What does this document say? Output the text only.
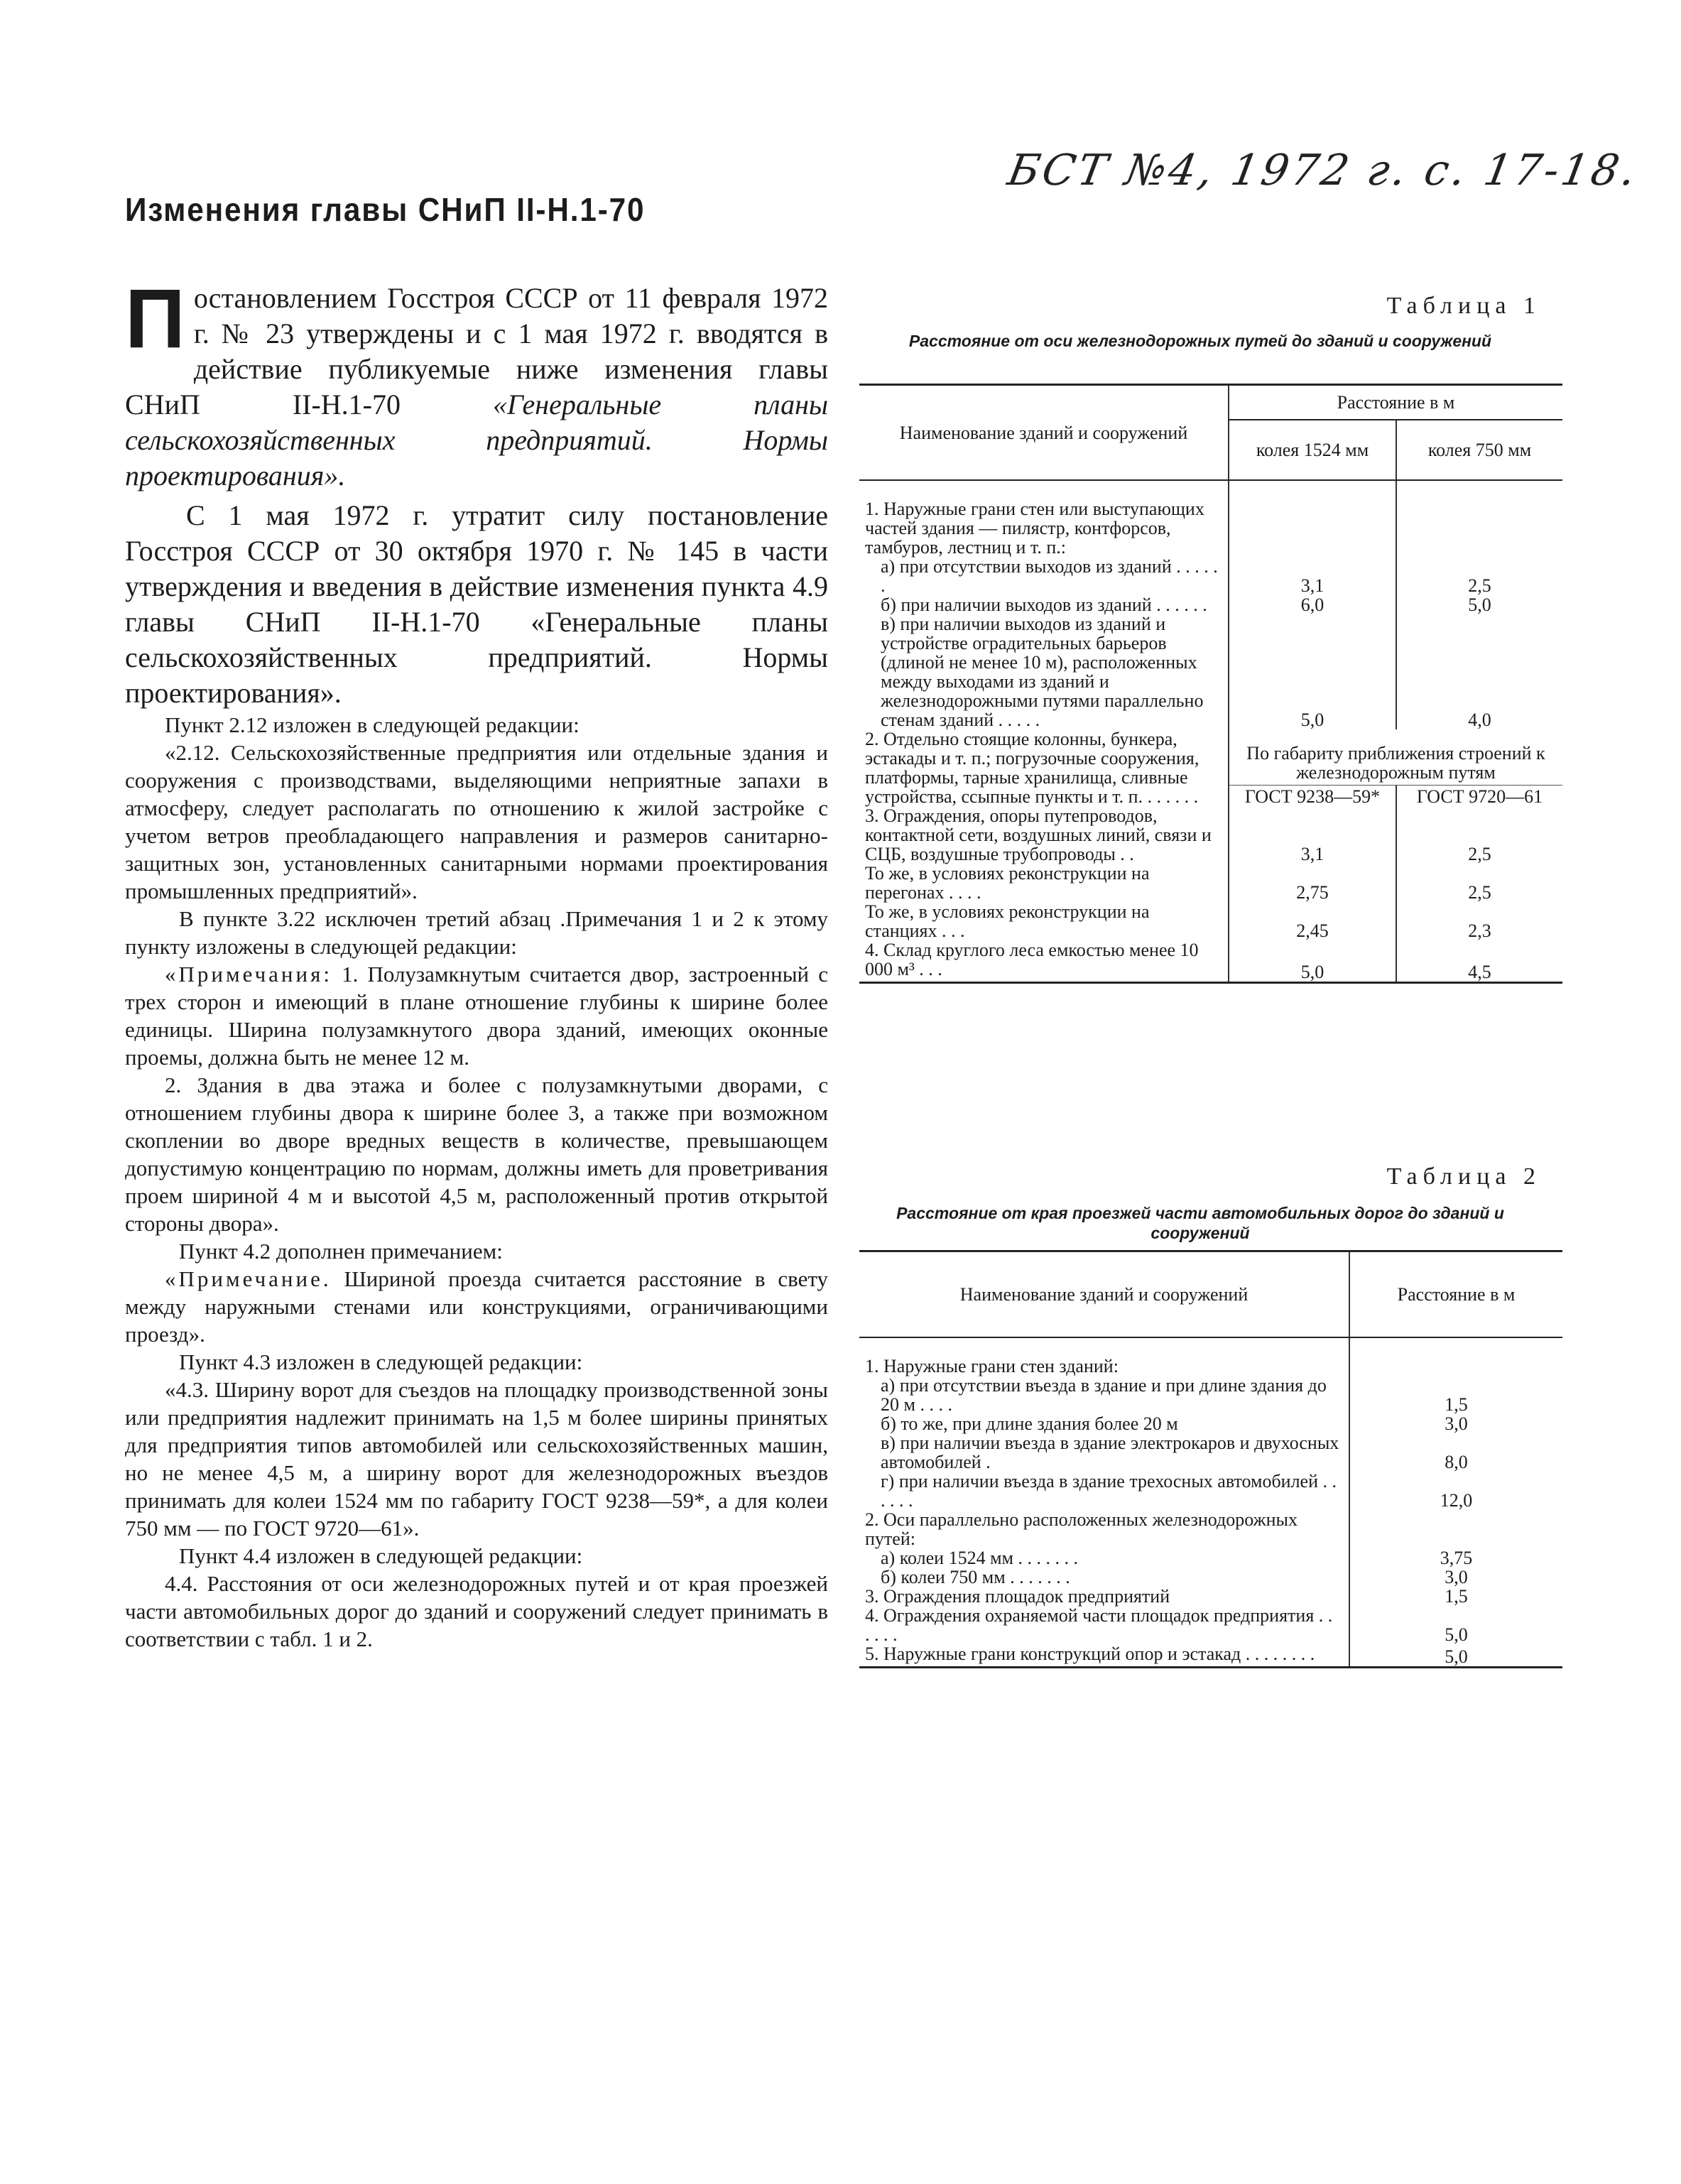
Изменения главы СНиП II-Н.1-70
БСТ №4, 1972 г. с. 17-18.

Постановлением Госстроя СССР от 11 февраля 1972 г. № 23 утверждены и с 1 мая 1972 г. вводятся в действие публикуемые ниже изменения главы СНиП II-Н.1-70	«Генеральные планы сельскохозяйственных предприятий. Нормы проектирования».

С 1 мая 1972 г. утратит силу постановление Госстроя СССР от 30 октября 1970 г. № 145 в части утверждения и введения в действие изменения пункта 4.9 главы СНиП II-Н.1-70 «Генеральные планы сельскохозяйственных предприятий. Нормы проектирования».

Пункт 2.12 изложен в следующей редакции:

«2.12. Сельскохозяйственные предприятия или отдельные здания и сооружения с производствами, выделяющими неприятные запахи в атмосферу, следует располагать по отношению к жилой застройке с учетом ветров преобладающего направления и размеров санитарно-защитных зон, установленных санитарными нормами проектирования промышленных предприятий».

В пункте 3.22 исключен третий абзац .Примечания 1 и 2 к этому пункту изложены в следующей редакции:

«Примечания: 1. Полузамкнутым считается двор, застроенный с трех сторон и имеющий в плане отношение глубины к ширине более единицы. Ширина полузамкнутого двора зданий, имеющих оконные проемы, должна быть не менее 12 м.

2. Здания в два этажа и более с полузамкнутыми дворами, с отношением глубины двора к ширине более 3, а также при возможном скоплении во дворе вредных веществ в количестве, превышающем допустимую концентрацию по нормам, должны иметь для проветривания проем шириной 4 м и высотой 4,5 м, расположенный против открытой стороны двора».

Пункт 4.2 дополнен примечанием:

«Примечание. Шириной проезда считается расстояние в свету между наружными стенами или конструкциями, ограничивающими проезд».

Пункт 4.3 изложен в следующей редакции:

«4.3. Ширину ворот для съездов на площадку производственной зоны или предприятия надлежит принимать на 1,5 м более ширины принятых для предприятия типов автомобилей или сельскохозяйственных машин, но не менее 4,5 м, а ширину ворот для железнодорожных въездов принимать для колеи 1524 мм по габариту ГОСТ 9238—59*, а для колеи 750 мм — по ГОСТ 9720—61».

Пункт 4.4 изложен в следующей редакции:

4.4. Расстояния от оси железнодорожных путей и от края проезжей части автомобильных дорог до зданий и сооружений следует принимать в соответствии с табл. 1 и 2.

Таблица 1
Расстояние от оси железнодорожных путей до зданий и сооружений
Наименование зданий и сооружений	Расстояние в м	
	колея 1524 мм	колея 750 мм
1. Наружные грани стен или выступающих частей здания — пилястр, контфорсов, тамбуров, лестниц и т. п.:		
а) при отсутствии выходов из зданий . . . . . .	3,1	2,5
б) при наличии выходов из зданий . . . . . .	6,0	5,0
в) при наличии выходов из зданий и устройстве оградительных барьеров (длиной не менее 10 м), расположенных между выходами из зданий и железнодорожными путями параллельно стенам зданий . . . . .	5,0	4,0
2. Отдельно стоящие колонны, бункера, эстакады и т. п.; погрузочные сооружения, платформы, тарные хранилища, сливные устройства, ссыпные пункты и т. п. . . . . . .	По габариту приближения строений к железнодорожным путям	
	ГОСТ 9238—59*	ГОСТ 9720—61
3. Ограждения, опоры путепроводов, контактной сети, воздушных линий, связи и СЦБ, воздушные трубопроводы . .	3,1	2,5
То же, в условиях реконструкции на перегонах . . . .	2,75	2,5
То же, в условиях реконструкции на станциях . . .	2,45	2,3
4. Склад круглого леса емкостью менее 10 000 м³ . . .	5,0	4,5
Таблица 2
Расстояние от края проезжей части автомобильных дорог до зданий и сооружений
Наименование зданий и сооружений	Расстояние в м
1. Наружные грани стен зданий:	
а) при отсутствии въезда в здание и при длине здания до 20 м . . . .	1,5
б) то же, при длине здания более 20 м	3,0
в) при наличии въезда в здание электрокаров и двухосных автомобилей .	8,0
г) при наличии въезда в здание трехосных автомобилей . . . . . .	12,0
2. Оси параллельно расположенных железнодорожных путей:	
а) колеи 1524 мм . . . . . . .	3,75
б) колеи 750 мм . . . . . . .	3,0
3. Ограждения площадок предприятий	1,5
4. Ограждения охраняемой части площадок предприятия . . . . . .	5,0
5. Наружные грани конструкций опор и эстакад . . . . . . . .	5,0
